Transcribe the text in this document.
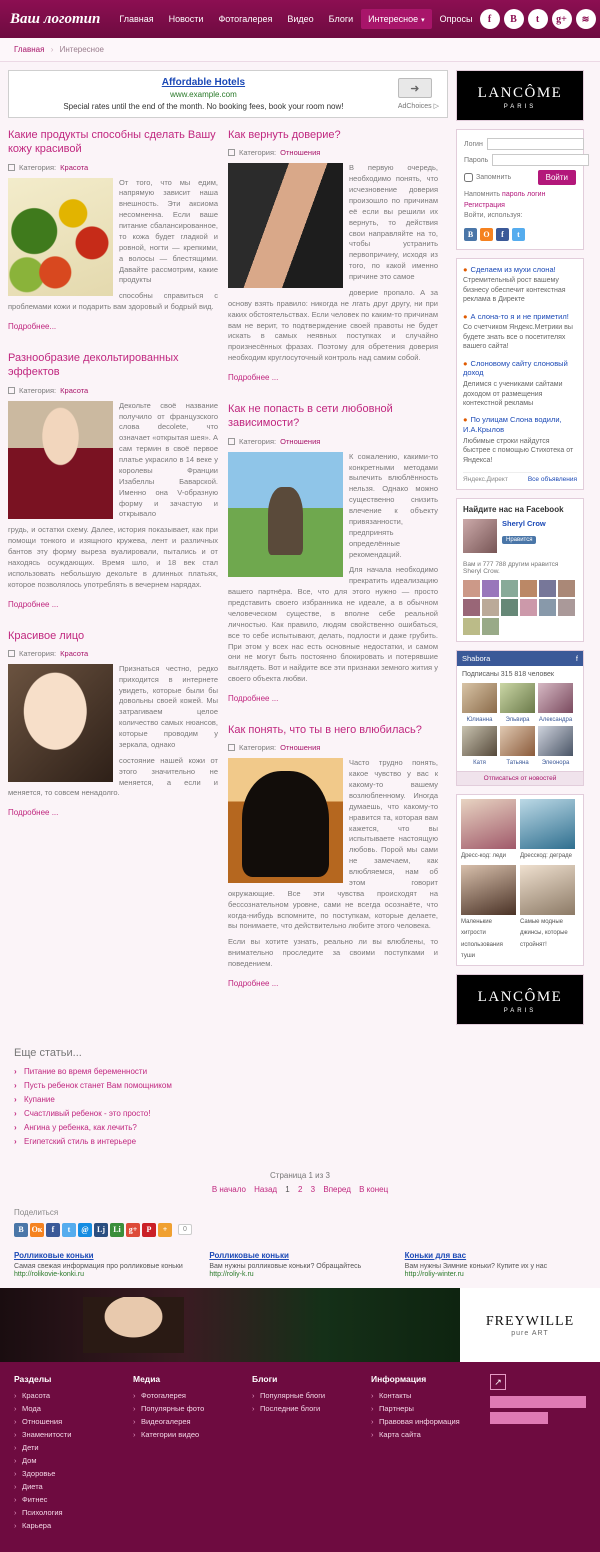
Ваш логотип	Главная	Новости	Фотогалерея	Видео	Блоги	Интересное ▾	Опросы	f	В	t	g+	≋
Главная › Интересное
Affordable Hotels
www.example.com
Special rates until the end of the month. No booking fees, book your room now!
➜
AdChoices ▷
Какие продукты способны сделать Вашу кожу красивой
Категория: Красота

От того, что мы едим, напрямую зависит наша внешность. Эти аксиома несомненна. Если ваше питание сбалансированное, то кожа будет гладкой и ровной, ногти — крепкими, а волосы — блестящими. Давайте рассмотрим, какие продукты

способны справиться с проблемами кожи и подарить вам здоровый и бодрый вид.

Подробнее...
Разнообразие декольтированных эффектов
Категория: Красота

Декольте своё название получило от французского слова decolete, что означает «открытая шея». А сам термин в своё первое платье украсило в 14 веке у королевы Франции Изабеллы Баварской. Именно она V-образную форму и зачастую и открывало

грудь, и остатки схему. Далее, история показывает, как при помощи тонкого и изящного кружева, лент и различных бантов эту форму выреза вуалировали, пытались и от находясь осуждающих. Время шло, и 18 век стал использовать небольшую декольте в длинных платьях, которое позволялось употреблять в вечернем нарядах.

Подробнее ...
Красивое лицо
Категория: Красота

Признаться честно, редко приходится в интернете увидеть, которые были бы довольны своей кожей. Мы затрагиваем целое количество самых нюансов, которые проводим у зеркала, однако

состояние нашей кожи от этого значительно не меняется, а если и меняется, то совсем ненадолго.

Подробнее ...
Как вернуть доверие?
Категория: Отношения

В первую очередь, необходимо понять, что исчезновение доверия произошло по причинам её если вы решили их вернуть, то действия свои направляйте на то, чтобы устранить первопричину, исходя из того, по какой именно причине это самое

доверие пропало. А за основу взять правило: никогда не лгать друг другу, ни при каких обстоятельствах. Если человек по каким-то причинам вам не верит, то подтверждение своей правоты не будет искать в самых неявных поступках и случайно произнесённых фразах. Поэтому для обретения доверия необходим круглосуточный контроль над самим собой.

Подробнее ...
Как не попасть в сети любовной зависимости?
Категория: Отношения

К сожалению, какими-то конкретными методами вылечить влюблённость нельзя. Однако можно существенно снизить влечение к объекту привязанности, предпринять определённые рекомендаций.

Для начала необходимо прекратить идеализацию вашего партнёра. Все, что для этого нужно — просто представить своего избранника не идеале, а в обычном человеческом существе, в вполне себе реальной личностью. Как правило, людям свойственно ошибаться, все то себе испытывают, делать, подлости и даже грубить. При этом у всех нас есть основные недостатки, и самом они не могут быть постоянно блокировать и потерявшие выглядеть. Вот и найдите все эти признаки земного жития у своего объекта любви.

Подробнее ...
Как понять, что ты в него влюбилась?
Категория: Отношения

Часто трудно понять, какое чувство у вас к какому-то вашему возлюбленному. Иногда думаешь, что какому-то нравится та, которая вам кажется, что вы испытываете настоящую любовь. Порой мы сами не замечаем, как влюбляемся, нам об этом говорит окружающие. Все эти чувства происходят на бессознательном уровне, сами не всегда осознаёте, что когда-нибудь вспомните, по поступкам, которые делаете, вы понимаете, что действительно любите этого человека.

Если вы хотите узнать, реально ли вы влюблены, то внимательно проследите за своими поступками и поведением.

Подробнее ...
LANCÔME
PARIS
Логин
Пароль
Запомнить	Войти
Напомнить пароль логин
Регистрация
Войти, используя:
В	О	f	t
● Сделаем из мухи слона!
Стремительный рост вашему бизнесу обеспечит контекстная реклама в Директе
● А слона-то я и не приметил!
Со счетчиком Яндекс.Метрики вы будете знать все о посетителях вашего сайта!
● Слоновому сайту слоновый доход
Делимся с учениками сайтами доходом от размещения контекстной рекламы
● По улицам Слона водили, И.А.Крылов
Любимые строки найдутся быстрее с помощью Стихотека от Яндекса!
Яндекс.Директ	Все объявления
Найдите нас на Facebook
Sheryl Crow
Нравится
Вам и 777 788 другим нравится Sheryl Crow.
Shabora	f
Подписаны 315 818 человек
Юлианна	Эльвира	Александра
Катя	Татьяна	Элеонора
Отписаться от новостей
Дресс-код: леди	Дресскод: деграде
Маленькие хитрости использования туши
Самые модные джинсы, которые стройнят!
LANCÔME
PARIS
Еще статьи...
› Питание во время беременности
› Пусть ребенок станет Вам помощником
› Купание
› Счастливый ребенок - это просто!
› Ангина у ребенка, как лечить?
› Египетский стиль в интерьере
Страница 1 из 3
В начало Назад 1 2 3 Вперед В конец
Поделиться
В Ок	f	t	@	Lj	Li g+	P	+	0
Ролликовые коньки
Самая свежая информация про ролликовые коньки
http://rolikovie-konki.ru
Ролликовые коньки
Вам нужны ролликовые коньки? Обращайтесь
http://roliy-k.ru
Коньки для вас
Вам нужны Зимние коньки? Купите их у нас
http://roliy-winter.ru
FREYWILLE
pure ART
Разделы
› Красота
› Мода
› Отношения
› Знаменитости
› Дети
› Дом
› Здоровье
› Диета
› Фитнес
› Психология
› Карьера
Медиа
› Фотогалерея
› Популярные фото
› Видеогалерея
› Категории видео
Блоги
› Популярные блоги
› Последние блоги
Информация
› Контакты
› Партнеры
› Правовая информация
› Карта сайта
↗
